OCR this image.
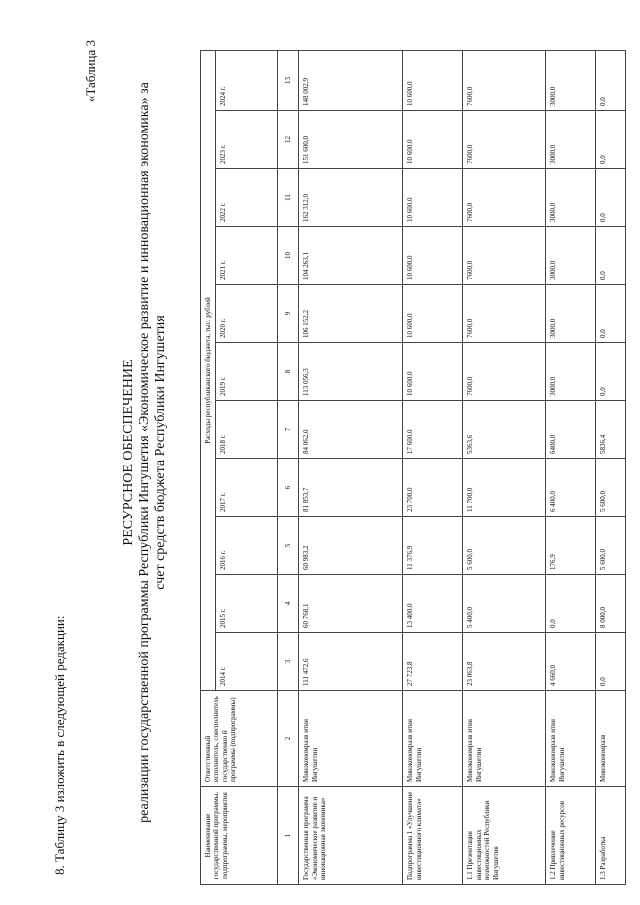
8. Таблицу 3 изложить в следующей редакции:
«Таблица 3
РЕСУРСНОЕ ОБЕСПЕЧЕНИЕ реализации государственной программы Республики Ингушетия «Экономическое развитие и инновационная экономика» за счет средств бюджета Республики Ингушетия
Наименование государственной программы, подпрограммы, мероприятия	Ответственный исполнитель, соисполнитель государственно й программы (подпрограммы)	Расходы республиканского бюджета, тыс. рублей										
		2014 г.	2015 г.	2016 г.	2017 г.	2018 г.	2019 г.	2020 г.	2021 г.	2022 г.	2023 г.	2024 г.
1	2	3	4	5	6	7	8	9	10	11	12	13
Государственная программа «Экономическое развитие и инновационная экономика»	Минэкономразв ития Ингушетии	111 472,6	60 768,1	60 983,2	81 853,7	84 062,0	113 056,3	106 152,2	104 263,1	162 312,0	151 600,0	148 002,9
Подпрограмма 1 «Улучшение инвестиционного климата»	Минэкономразв ития Ингушетии	27 723,8	13 400,0	11 376,9	23 700,0	17 600,0	10 600,0	10 600,0	10 600,0	10 600,0	10 600,0	10 600,0
1.1 Презентация инвестиционных возможностей Республики Ингушетия	Минэкономразв ития Ингушетии	23 063,8	5 400,0	5 600,0	11 700,0	5363,6	7600,0	7600,0	7600,0	7600,0	7600,0	7600,0
1.2 Привлечение инвестиционных ресурсов	Минэкономразв ития Ингушетии	4 660,0	0,0	176,9	6 400,0	6400,0	3000,0	3000,0	3000,0	3000,0	3000,0	3000,0
1.3 Разработка	Минэкономразв	0,0	8 000,0	5 600,0	5 600,0	5836,4	0,0	0,0	0,0	0,0	0,0	0,0
